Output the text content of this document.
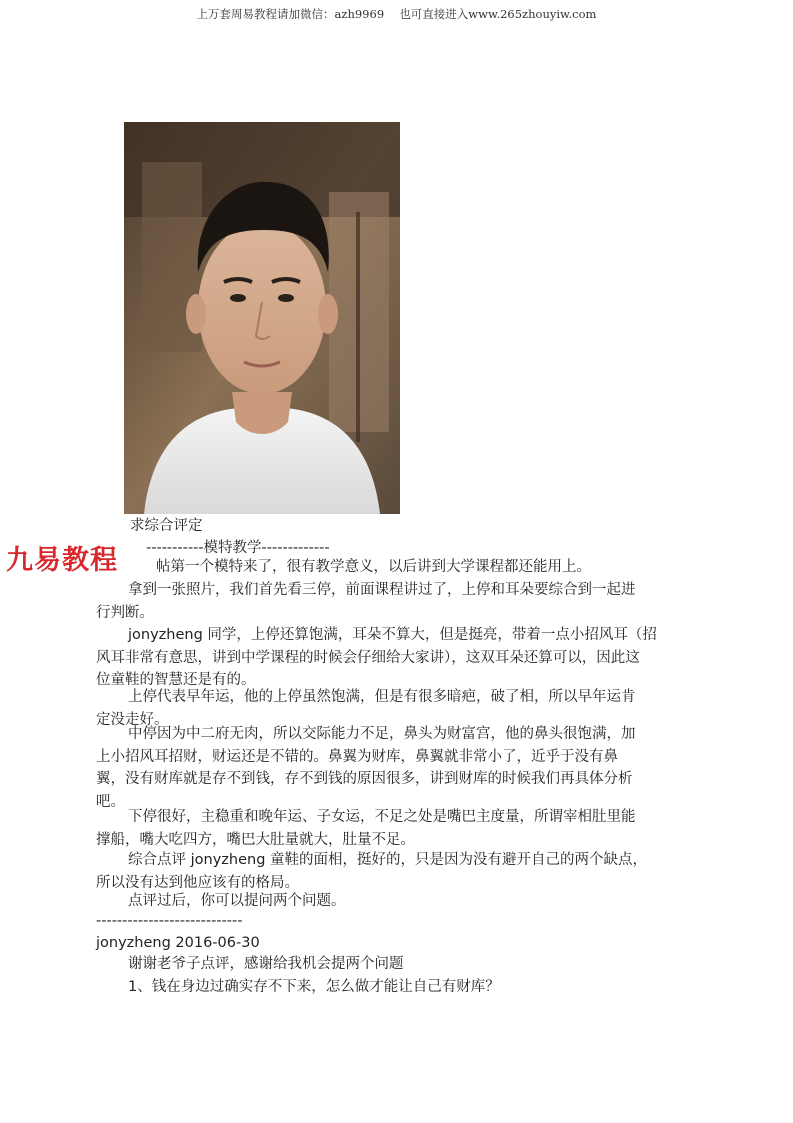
上万套周易教程请加微信：azh9969　 也可直接进入www.265zhouyiw.com
九易教程
求综合评定
-----------模特教学-------------
帖第一个模特来了，很有教学意义，以后讲到大学课程都还能用上。
拿到一张照片，我们首先看三停，前面课程讲过了，上停和耳朵要综合到一起进
行判断。
jonyzheng 同学，上停还算饱满，耳朵不算大，但是挺亮，带着一点小招风耳（招
风耳非常有意思，讲到中学课程的时候会仔细给大家讲），这双耳朵还算可以，因此这
位童鞋的智慧还是有的。
上停代表早年运，他的上停虽然饱满，但是有很多暗疤，破了相，所以早年运肯
定没走好。
中停因为中二府无肉，所以交际能力不足，鼻头为财富宫，他的鼻头很饱满，加
上小招风耳招财，财运还是不错的。鼻翼为财库，鼻翼就非常小了，近乎于没有鼻
翼，没有财库就是存不到钱，存不到钱的原因很多，讲到财库的时候我们再具体分析
吧。
下停很好，主稳重和晚年运、子女运，不足之处是嘴巴主度量，所谓宰相肚里能
撑船，嘴大吃四方，嘴巴大肚量就大，肚量不足。
综合点评 jonyzheng 童鞋的面相，挺好的，只是因为没有避开自己的两个缺点，
所以没有达到他应该有的格局。
点评过后，你可以提问两个问题。
----------------------------
jonyzheng 2016-06-30
谢谢老爷子点评，感谢给我机会提两个问题
1、钱在身边过确实存不下来，怎么做才能让自己有财库？
